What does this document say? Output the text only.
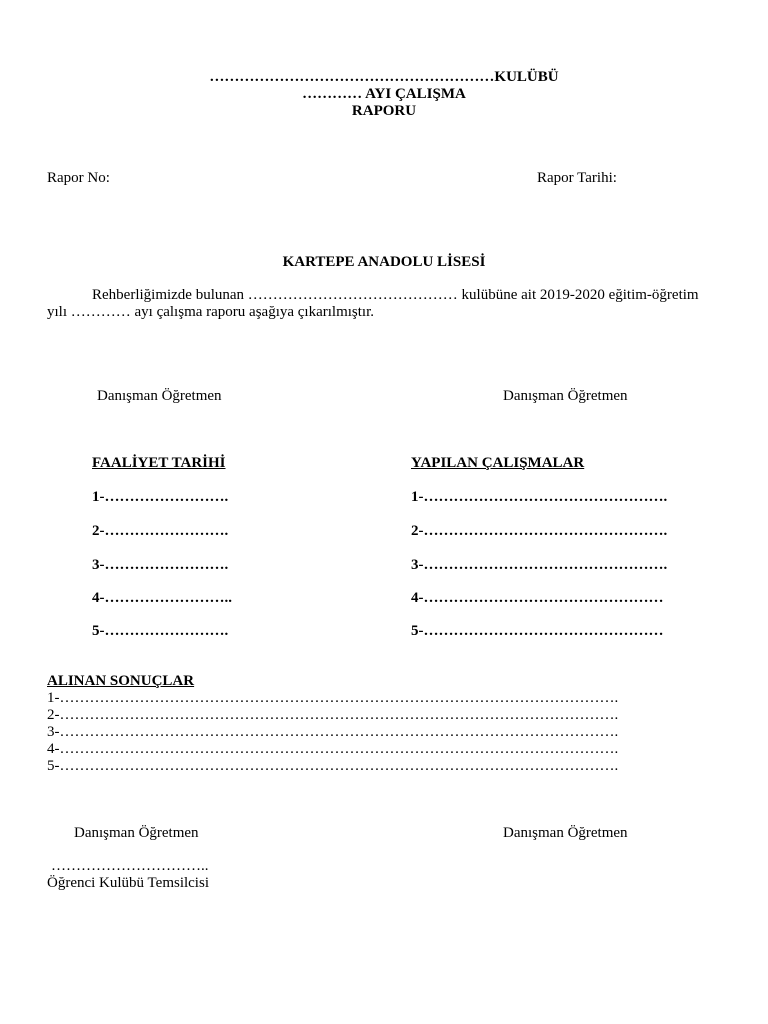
…………………………………………………KULÜBÜ
………… AYI ÇALIŞMA
RAPORU
Rapor No:	Rapor Tarihi:
KARTEPE ANADOLU LİSESİ
Rehberliğimizde bulunan …………………………………… kulübüne ait 2019-2020 eğitim-öğretim
yılı ………… ayı çalışma raporu aşağıya çıkarılmıştır.
Danışman Öğretmen	Danışman Öğretmen
FAALİYET TARİHİ	YAPILAN ÇALIŞMALAR
1-…………………….	1-………………………………………….
2-…………………….	2-………………………………………….
3-…………………….	3-………………………………………….
4-……………………..	4-…………………………………………
5-…………………….	5-…………………………………………
ALINAN SONUÇLAR
1-………………………………………………………………………………………………….
2-………………………………………………………………………………………………….
3-………………………………………………………………………………………………….
4-………………………………………………………………………………………………….
5-………………………………………………………………………………………………….
Danışman Öğretmen	Danışman Öğretmen
…………………………..
Öğrenci Kulübü Temsilcisi
